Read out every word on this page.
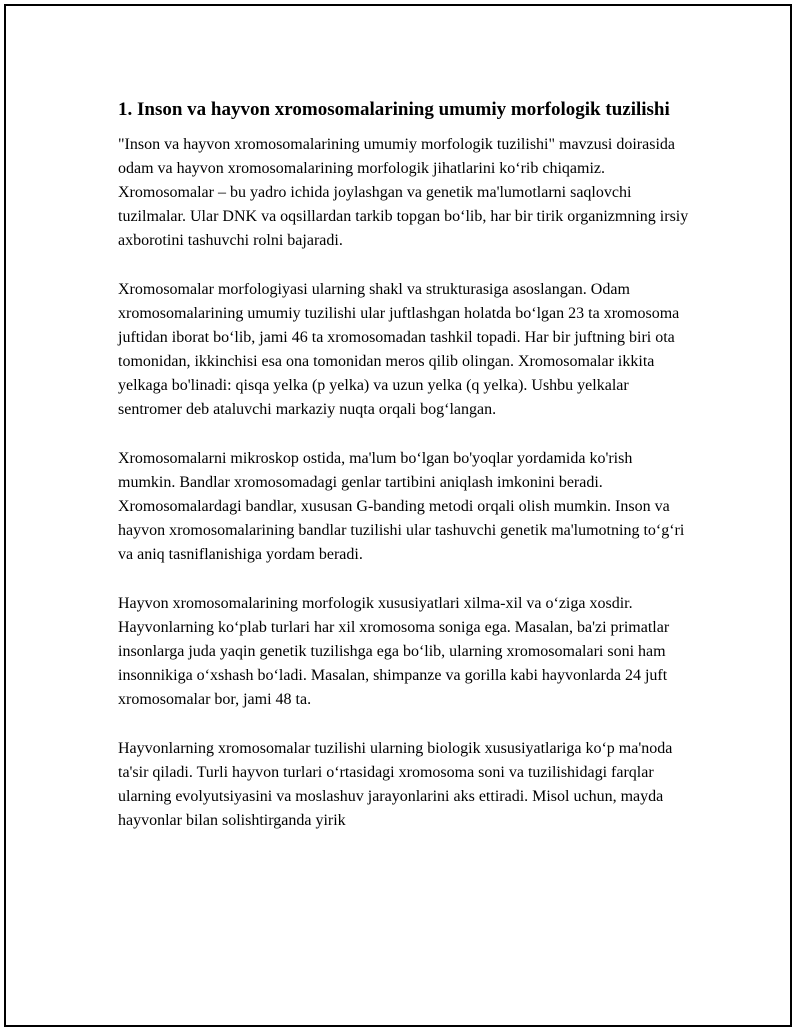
1. Inson va hayvon xromosomalarining umumiy morfologik tuzilishi

"Inson va hayvon xromosomalarining umumiy morfologik tuzilishi" mavzusi doirasida odam va hayvon xromosomalarining morfologik jihatlarini koʻrib chiqamiz. Xromosomalar – bu yadro ichida joylashgan va genetik ma'lumotlarni saqlovchi tuzilmalar. Ular DNK va oqsillardan tarkib topgan boʻlib, har bir tirik organizmning irsiy axborotini tashuvchi rolni bajaradi.

Xromosomalar morfologiyasi ularning shakl va strukturasiga asoslangan. Odam xromosomalarining umumiy tuzilishi ular juftlashgan holatda boʻlgan 23 ta xromosoma juftidan iborat boʻlib, jami 46 ta xromosomadan tashkil topadi. Har bir juftning biri ota tomonidan, ikkinchisi esa ona tomonidan meros qilib olingan. Xromosomalar ikkita yelkaga bo'linadi: qisqa yelka (p yelka) va uzun yelka (q yelka). Ushbu yelkalar sentromer deb ataluvchi markaziy nuqta orqali bogʻlangan.

Xromosomalarni mikroskop ostida, ma'lum boʻlgan bo'yoqlar yordamida ko'rish mumkin. Bandlar xromosomadagi genlar tartibini aniqlash imkonini beradi. Xromosomalardagi bandlar, xususan G-banding metodi orqali olish mumkin. Inson va hayvon xromosomalarining bandlar tuzilishi ular tashuvchi genetik ma'lumotning toʻgʻri va aniq tasniflanishiga yordam beradi.

Hayvon xromosomalarining morfologik xususiyatlari xilma-xil va oʻziga xosdir. Hayvonlarning koʻplab turlari har xil xromosoma soniga ega. Masalan, ba'zi primatlar insonlarga juda yaqin genetik tuzilishga ega boʻlib, ularning xromosomalari soni ham insonnikiga oʻxshash boʻladi. Masalan, shimpanze va gorilla kabi hayvonlarda 24 juft xromosomalar bor, jami 48 ta.

Hayvonlarning xromosomalar tuzilishi ularning biologik xususiyatlariga koʻp ma'noda ta'sir qiladi. Turli hayvon turlari oʻrtasidagi xromosoma soni va tuzilishidagi farqlar ularning evolyutsiyasini va moslashuv jarayonlarini aks ettiradi. Misol uchun, mayda hayvonlar bilan solishtirganda yirik
